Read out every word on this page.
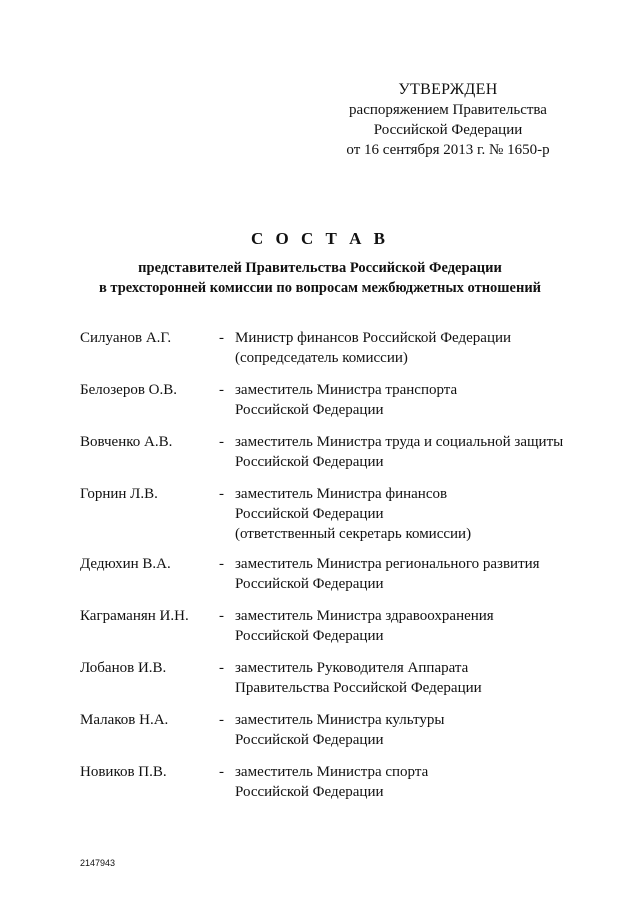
УТВЕРЖДЕН
распоряжением Правительства
Российской Федерации
от 16 сентября 2013 г. № 1650-р
С О С Т А В
представителей Правительства Российской Федерации
в трехсторонней комиссии по вопросам межбюджетных отношений
Силуанов А.Г.	- Министр финансов Российской Федерации
(сопредседатель комиссии)
Белозеров О.В.	- заместитель Министра транспорта
Российской Федерации
Вовченко А.В.	- заместитель Министра труда и социальной защиты
Российской Федерации
Горнин Л.В.	- заместитель Министра финансов
Российской Федерации
(ответственный секретарь комиссии)
Дедюхин В.А.	- заместитель Министра регионального развития
Российской Федерации
Каграманян И.Н. - заместитель Министра здравоохранения
Российской Федерации
Лобанов И.В.	- заместитель Руководителя Аппарата
Правительства Российской Федерации
Малаков Н.А.	- заместитель Министра культуры
Российской Федерации
Новиков П.В.	- заместитель Министра спорта
Российской Федерации
2147943
